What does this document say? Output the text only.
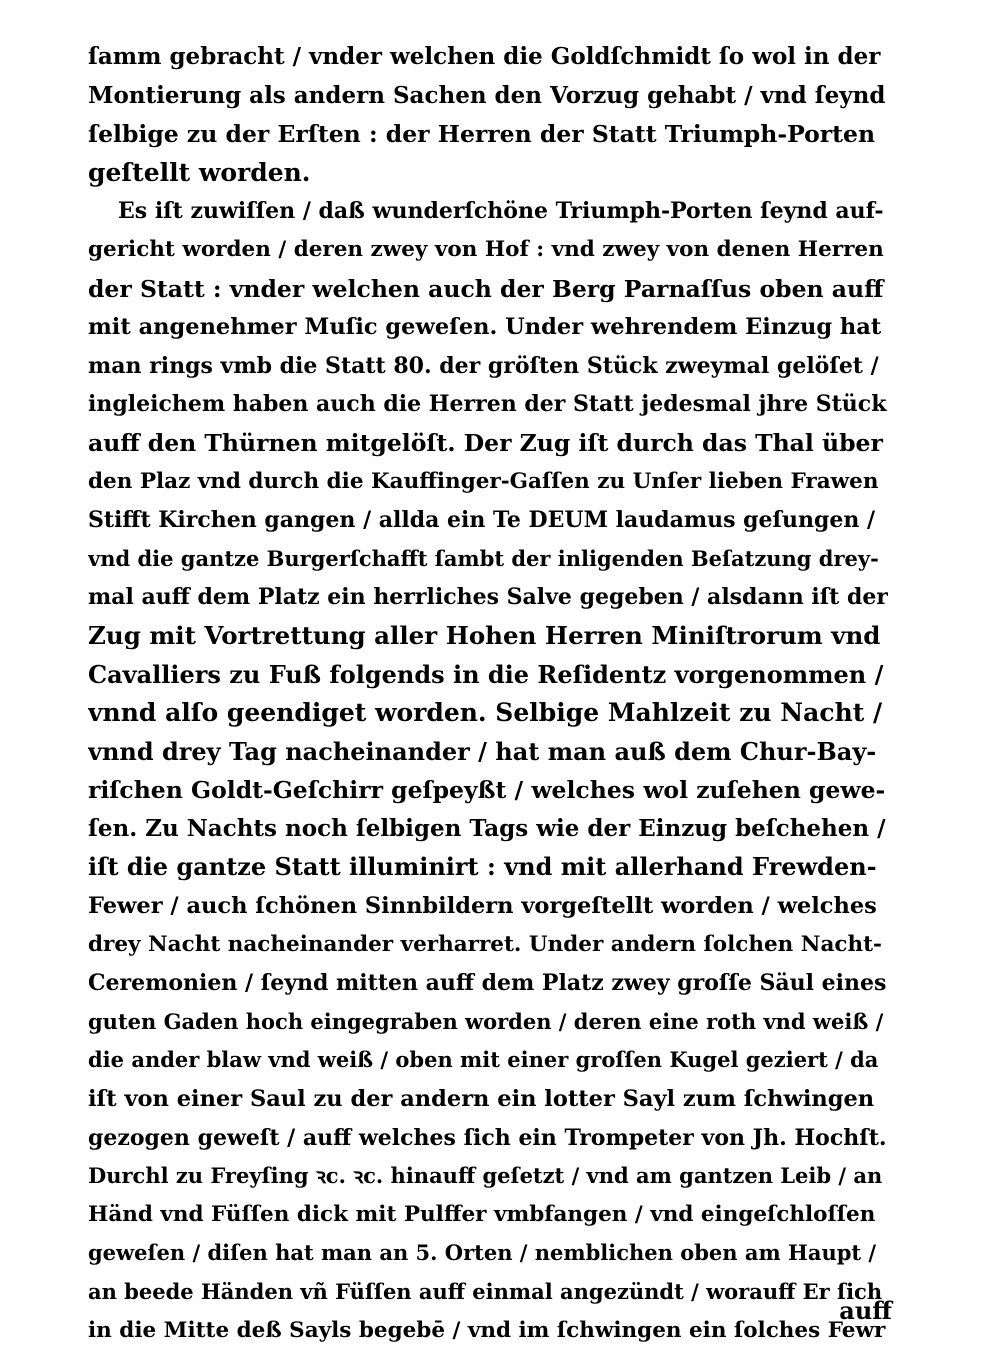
ſamm gebracht / vnder welchen die Goldſchmidt ſo wol in der
Montierung als andern Sachen den Vorzug gehabt / vnd ſeynd
ſelbige zu der Erſten : der Herren der Statt Triumph-Porten
geſtellt worden.
Es iſt zuwiſſen / daß wunderſchöne Triumph-Porten ſeynd auf-
gericht worden / deren zwey von Hof : vnd zwey von denen Herren
der Statt : vnder welchen auch der Berg Parnaſſus oben auff
mit angenehmer Muſic geweſen. Under wehrendem Einzug hat
man rings vmb die Statt 80. der gröſten Stück zweymal gelöſet /
ingleichem haben auch die Herren der Statt jedesmal jhre Stück
auff den Thürnen mitgelöſt. Der Zug iſt durch das Thal über
den Plaz vnd durch die Kauffinger-Gaſſen zu Unſer lieben Frawen
Stifft Kirchen gangen / allda ein Te DEUM laudamus geſungen /
vnd die gantze Burgerſchafft ſambt der inligenden Beſatzung drey-
mal auff dem Platz ein herrliches Salve gegeben / alsdann iſt der
Zug mit Vortrettung aller Hohen Herren Miniſtrorum vnd
Cavalliers zu Fuß folgends in die Reſidentz vorgenommen /
vnnd alſo geendiget worden. Selbige Mahlzeit zu Nacht /
vnnd drey Tag nacheinander / hat man auß dem Chur-Bay-
riſchen Goldt-Geſchirr geſpeyßt / welches wol zuſehen gewe-
ſen. Zu Nachts noch ſelbigen Tags wie der Einzug beſchehen /
iſt die gantze Statt illuminirt : vnd mit allerhand Frewden-
Fewer / auch ſchönen Sinnbildern vorgeſtellt worden / welches
drey Nacht nacheinander verharret. Under andern ſolchen Nacht-
Ceremonien / ſeynd mitten auff dem Platz zwey groſſe Säul eines
guten Gaden hoch eingegraben worden / deren eine roth vnd weiß /
die ander blaw vnd weiß / oben mit einer groſſen Kugel geziert / da
iſt von einer Saul zu der andern ein lotter Sayl zum ſchwingen
gezogen geweſt / auff welches ſich ein Trompeter von Jh. Hochſt.
Durchl zu Freyſing ꝛc. ꝛc. hinauff geſetzt / vnd am gantzen Leib / an
Händ vnd Füſſen dick mit Pulffer vmbfangen / vnd eingeſchloſſen
geweſen / diſen hat man an 5. Orten / nemblichen oben am Haupt /
an beede Händen vñ Füſſen auff einmal angezündt / worauff Er ſich
in die Mitte deß Sayls begebē / vnd im ſchwingen ein ſolches Fewr
auff
